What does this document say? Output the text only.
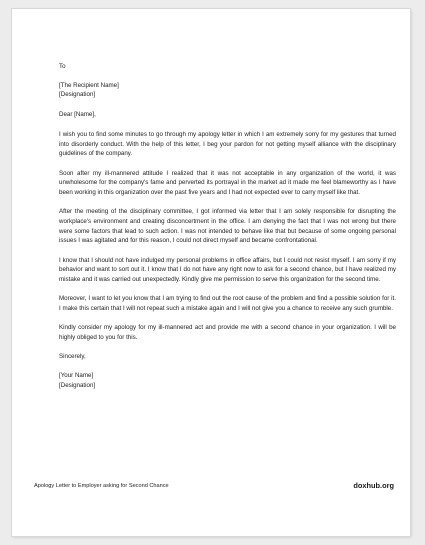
To
[The Recipient Name]
[Designation]
Dear [Name],

I wish you to find some minutes to go through my apology letter in which I am extremely sorry for my gestures that turned into disorderly conduct. With the help of this letter, I beg your pardon for not getting myself alliance with the disciplinary guidelines of the company.

Soon after my ill-mannered attitude I realized that it was not acceptable in any organization of the world, it was unwholesome for the company's fame and perverted its portrayal in the market ad it made me feel blameworthy as I have been working in this organization over the past five years and I had not expected ever to carry myself like that.

After the meeting of the disciplinary committee, I got informed via letter that I am solely responsible for disrupting the workplace's environment and creating disconcertment in the office. I am denying the fact that I was not wrong but there were some factors that lead to such action. I was not intended to behave like that but because of some ongoing personal issues I was agitated and for this reason, I could not direct myself and became confrontational.

I know that I should not have indulged my personal problems in office affairs, but I could not resist myself. I am sorry if my behavior and want to sort out it. I know that I do not have any right now to ask for a second chance, but I have realized my mistake and it was carried out unexpectedly. Kindly give me permission to serve this organization for the second time.

Moreover, I want to let you know that I am trying to find out the root cause of the problem and find a possible solution for it. I make this certain that I will not repeat such a mistake again and I will not give you a chance to receive any such grumble.

Kindly consider my apology for my ill-mannered act and provide me with a second chance in your organization. I will be highly obliged to you for this.

Sincerely,
[Your Name]
[Designation]
Apology Letter to Employer asking for Second Chance	doxhub.org
